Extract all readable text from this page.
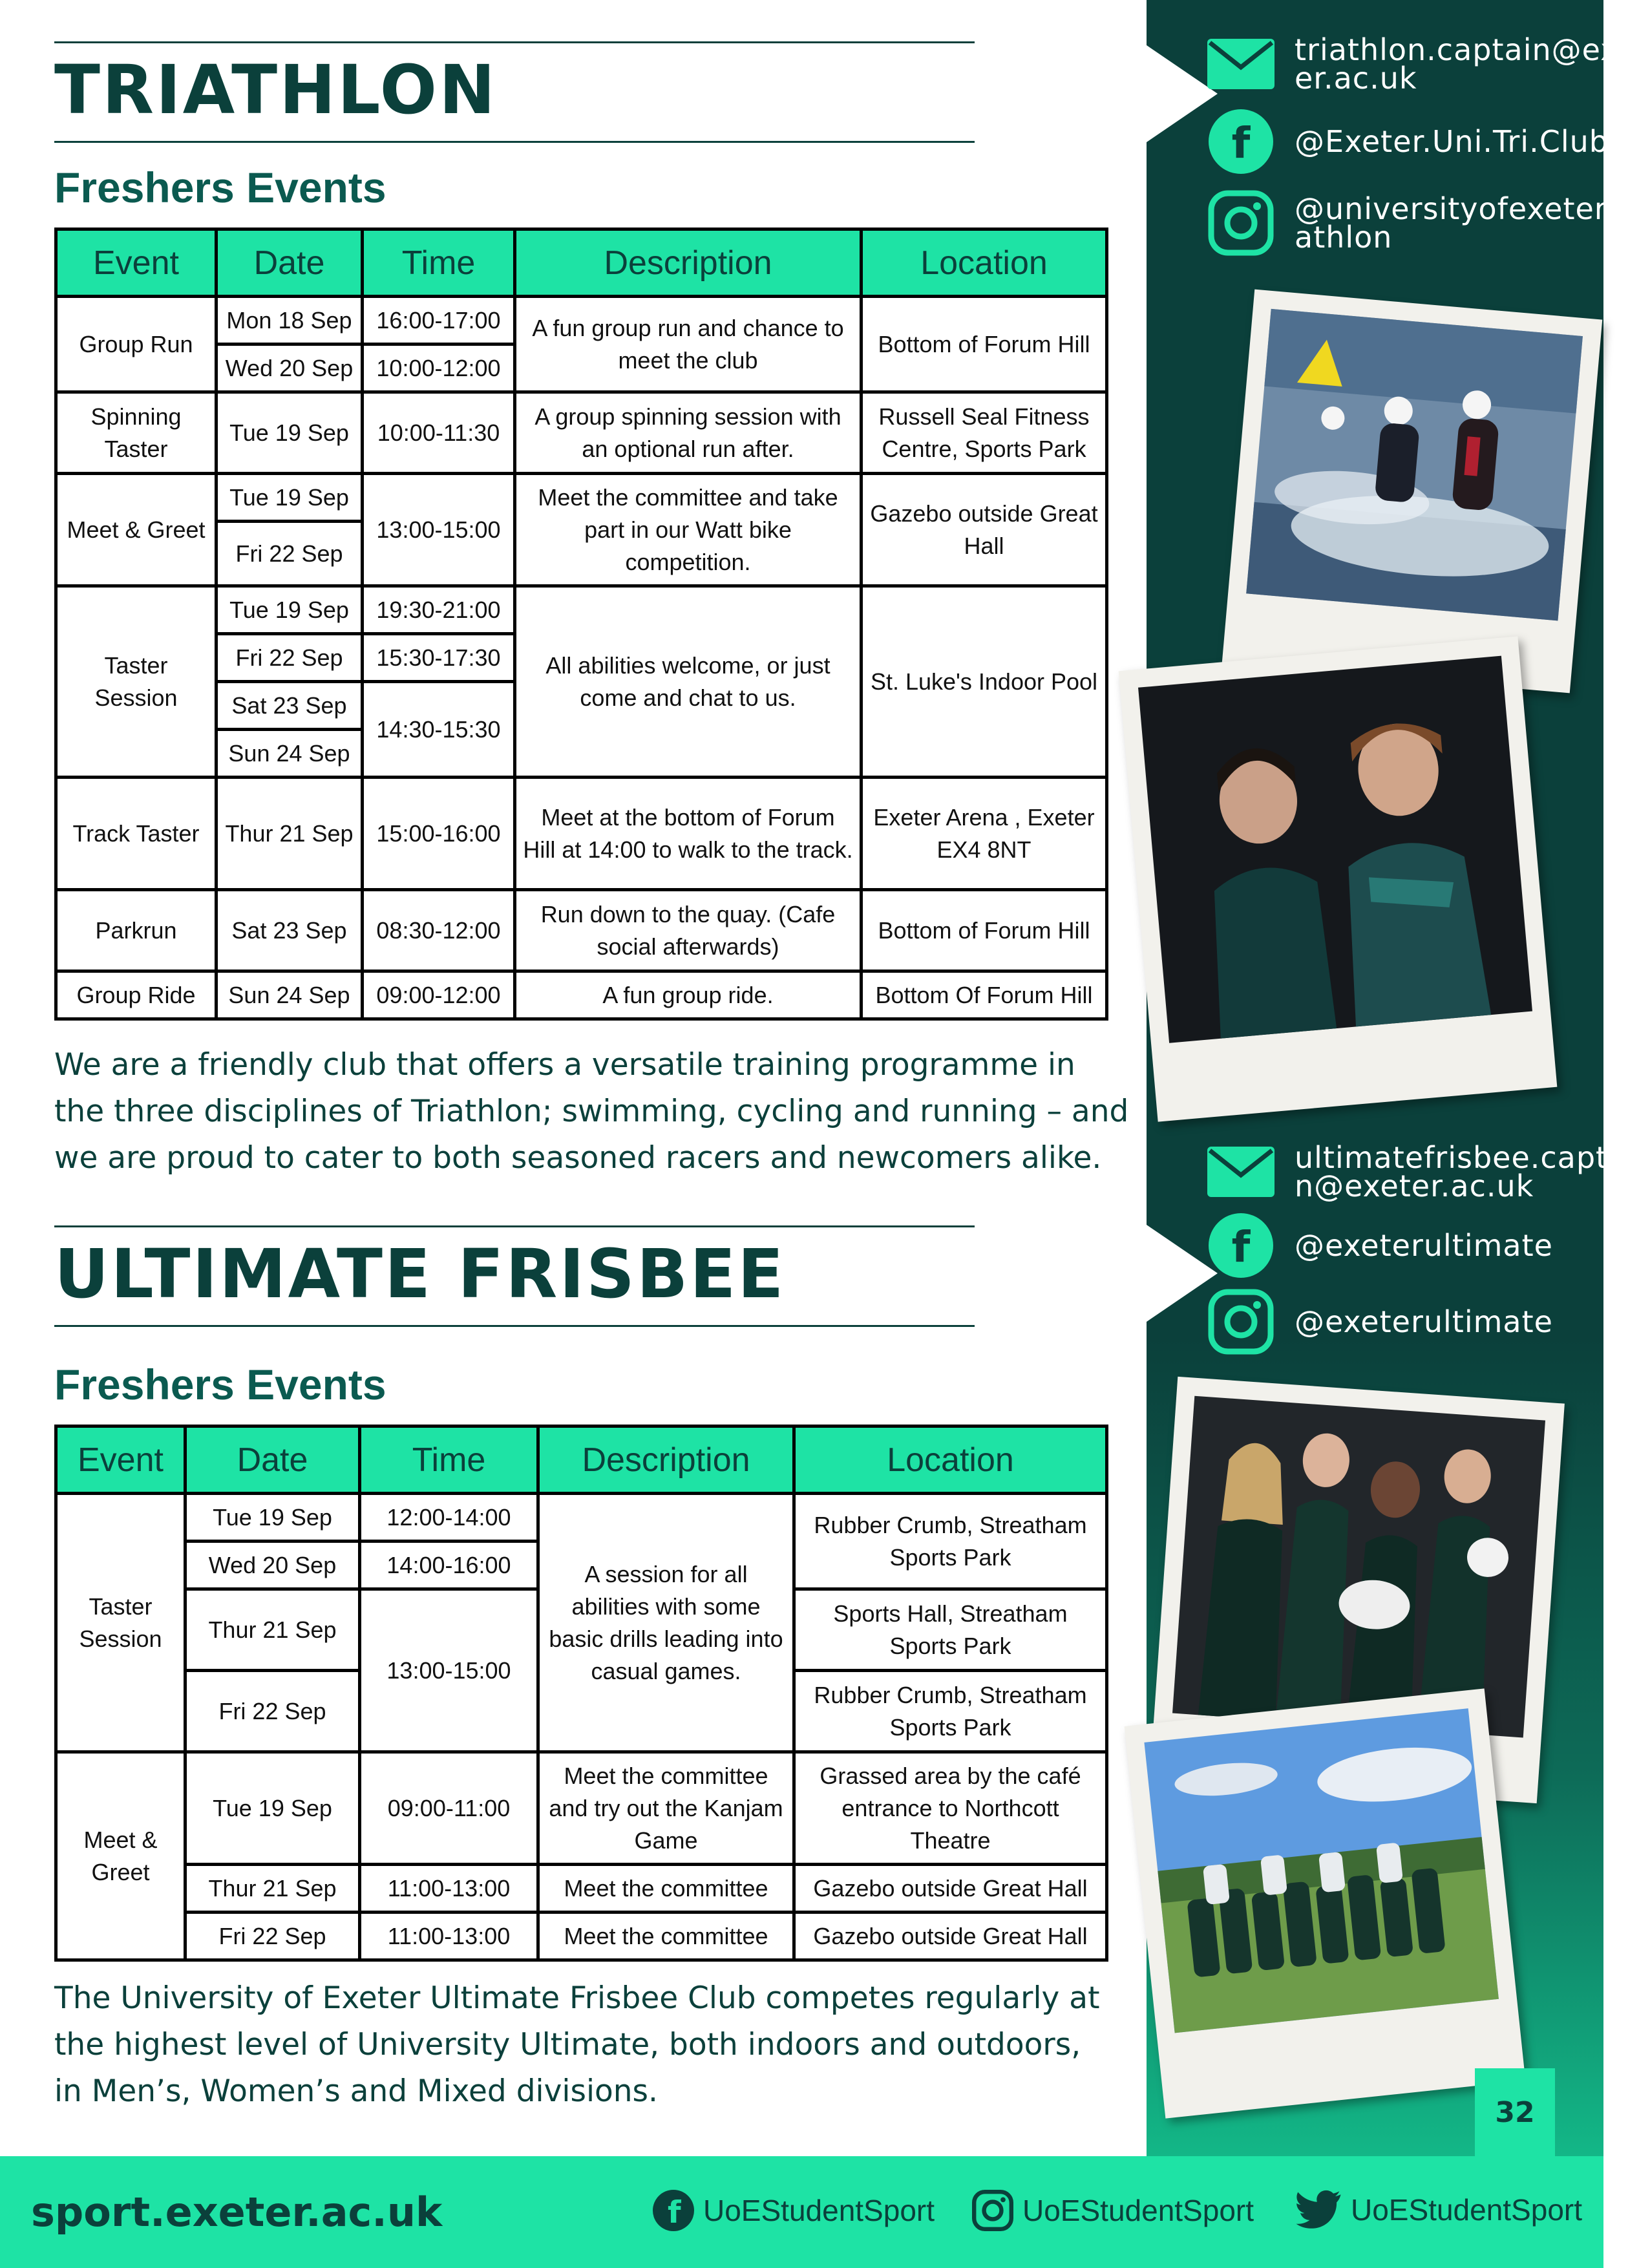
triathlon.captain@exeter.ac.uk
f @Exeter.Uni.Tri.Club
@universityofexetertriathlon
ultimatefrisbee.captain@exeter.ac.uk
f @exeterultimate
@exeterultimate
32
TRIATHLON
Freshers Events
Event	Date	Time	Description	Location
Group Run	Mon 18 Sep	16:00-17:00	A fun group run and chance to meet the club	Bottom of Forum Hill
	Wed 20 Sep	10:00-12:00		
Spinning Taster	Tue 19 Sep	10:00-11:30	A group spinning session with an optional run after.	Russell Seal Fitness Centre, Sports Park
Meet & Greet	Tue 19 Sep	13:00-15:00	Meet the committee and take part in our Watt bike competition.	Gazebo outside Great Hall
	Fri 22 Sep			
Taster Session	Tue 19 Sep	19:30-21:00	All abilities welcome, or just come and chat to us.	St. Luke's Indoor Pool
	Fri 22 Sep	15:30-17:30		
	Sat 23 Sep	14:30-15:30		
	Sun 24 Sep			
Track Taster	Thur 21 Sep	15:00-16:00	Meet at the bottom of Forum Hill at 14:00 to walk to the track.	Exeter Arena , Exeter EX4 8NT
Parkrun	Sat 23 Sep	08:30-12:00	Run down to the quay. (Cafe social afterwards)	Bottom of Forum Hill
Group Ride	Sun 24 Sep	09:00-12:00	A fun group ride.	Bottom Of Forum Hill
We are a friendly club that offers a versatile training programme in the three disciplines of Triathlon; swimming, cycling and running – and we are proud to cater to both seasoned racers and newcomers alike.
ULTIMATE FRISBEE
Freshers Events
Event	Date	Time	Description	Location
Taster Session	Tue 19 Sep	12:00-14:00	A session for all abilities with some basic drills leading into casual games.	Rubber Crumb, Streatham Sports Park
	Wed 20 Sep	14:00-16:00		
	Thur 21 Sep	13:00-15:00		Sports Hall, Streatham Sports Park
	Fri 22 Sep			Rubber Crumb, Streatham Sports Park
Meet & Greet	Tue 19 Sep	09:00-11:00	Meet the committee and try out the Kanjam Game	Grassed area by the café entrance to Northcott Theatre
	Thur 21 Sep	11:00-13:00	Meet the committee	Gazebo outside Great Hall
	Fri 22 Sep	11:00-13:00	Meet the committee	Gazebo outside Great Hall
The University of Exeter Ultimate Frisbee Club competes regularly at the highest level of University Ultimate, both indoors and outdoors, in Men’s, Women’s and Mixed divisions.
sport.exeter.ac.uk	f UoEStudentSport	UoEStudentSport	UoEStudentSport
